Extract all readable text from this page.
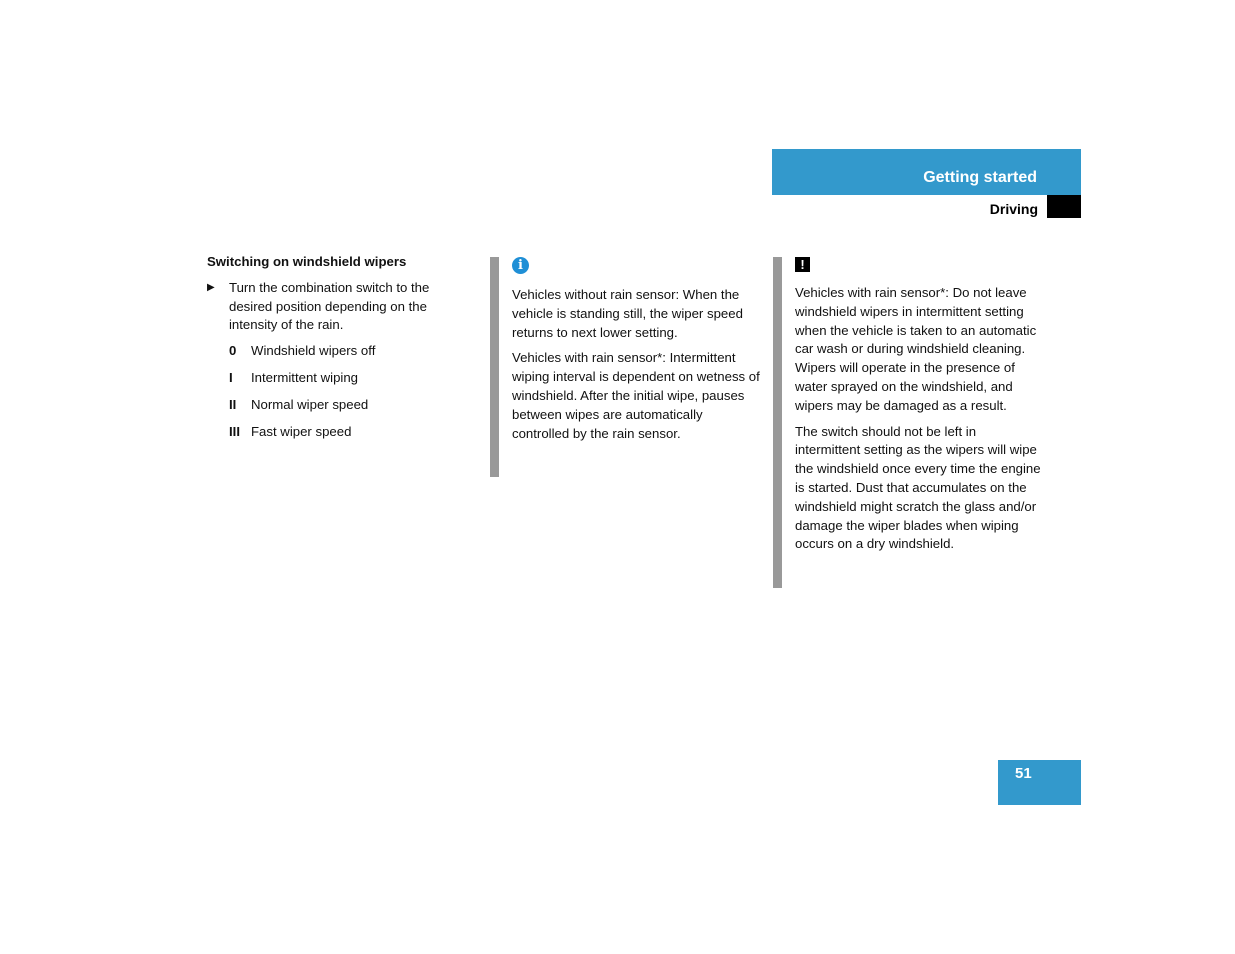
Getting started
Driving
Switching on windshield wipers
▶ Turn the combination switch to the desired position depending on the intensity of the rain.
0	Windshield wipers off
I	Intermittent wiping
II	Normal wiper speed
III Fast wiper speed
i

Vehicles without rain sensor: When the vehicle is standing still, the wiper speed returns to next lower setting.

Vehicles with rain sensor*: Intermittent wiping interval is dependent on wetness of windshield. After the initial wipe, pauses between wipes are automatically controlled by the rain sensor.

!

Vehicles with rain sensor*: Do not leave windshield wipers in intermittent setting when the vehicle is taken to an automatic car wash or during windshield cleaning. Wipers will operate in the presence of water sprayed on the windshield, and wipers may be damaged as a result.

The switch should not be left in intermittent setting as the wipers will wipe the windshield once every time the engine is started. Dust that accumulates on the windshield might scratch the glass and/or damage the wiper blades when wiping occurs on a dry windshield.

51
